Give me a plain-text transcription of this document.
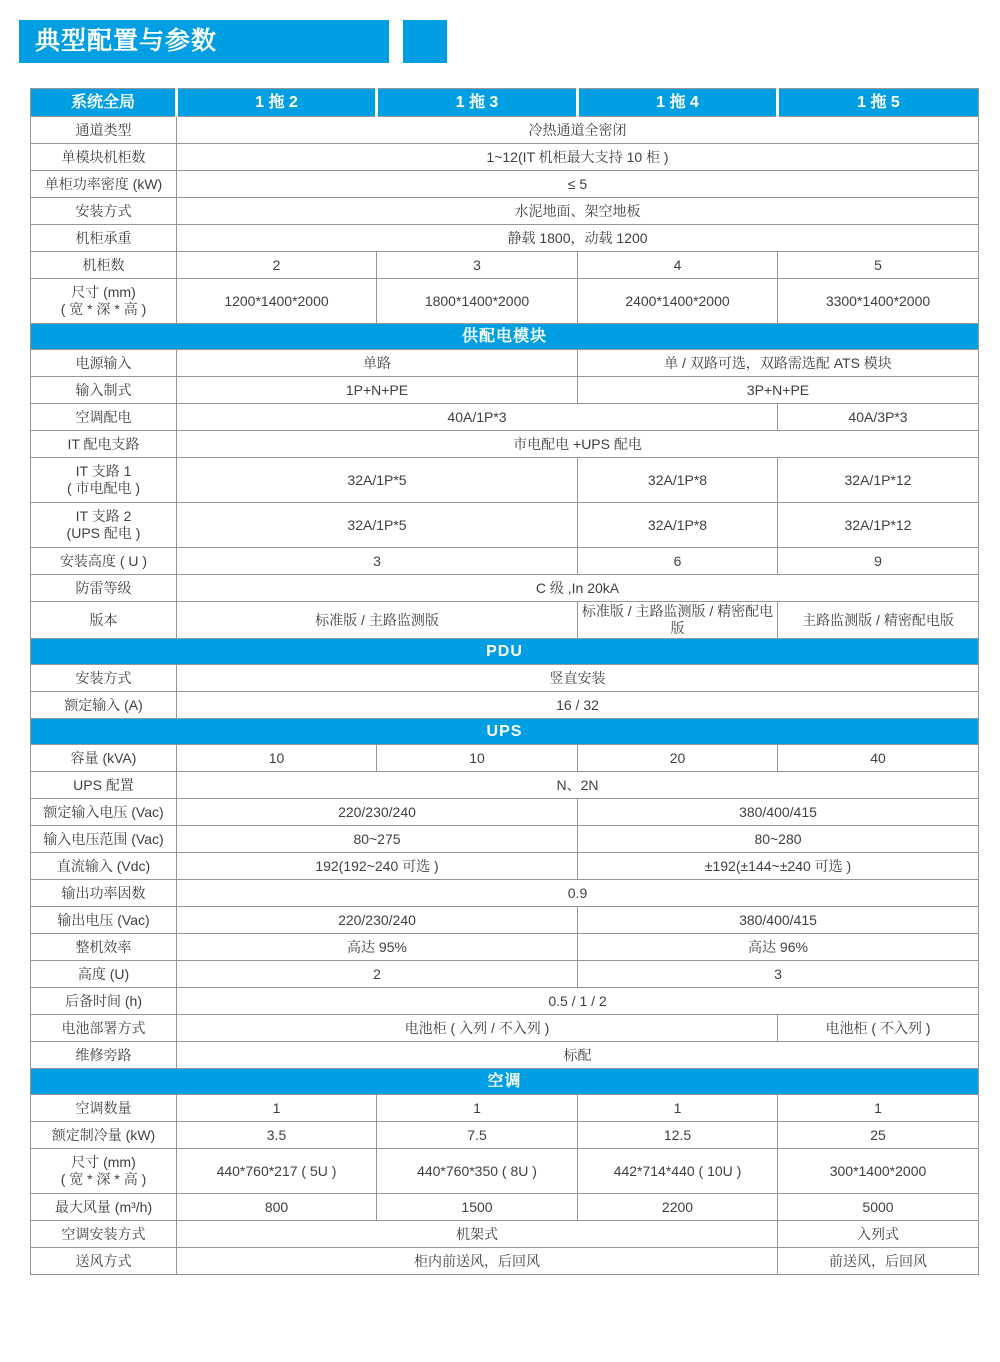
典型配置与参数
系统全局	1 拖 2	1 拖 3	1 拖 4	1 拖 5
通道类型	冷热通道全密闭			
单模块机柜数	1~12(IT 机柜最大支持 10 柜 )			
单柜功率密度 (kW)	≤ 5			
安装方式	水泥地面、架空地板			
机柜承重	静载 1800，动载 1200			
机柜数	2	3	4	5

尺寸 (mm)
( 宽 * 深 * 高 )	1200*1400*2000	1800*1400*2000	2400*1400*2000	3300*1400*2000
供配电模块				
电源输入	单路		单 / 双路可选，双路需选配 ATS 模块	
输入制式	1P+N+PE		3P+N+PE	
空调配电	40A/1P*3			40A/3P*3
IT 配电支路	市电配电 +UPS 配电			

IT 支路 1
( 市电配电 )	32A/1P*5		32A/1P*8	32A/1P*12

IT 支路 2
(UPS 配电 )	32A/1P*5		32A/1P*8	32A/1P*12
安装高度 ( U )	3		6	9
防雷等级	C 级 ,In 20kA			
版本	标准版 / 主路监测版		标准版 / 主路监测版 / 精密配电版	主路监测版 / 精密配电版
PDU				
安装方式	竖直安装			
额定输入 (A)	16 / 32			
UPS				
容量 (kVA)	10	10	20	40
UPS 配置	N、2N			
额定输入电压 (Vac)	220/230/240		380/400/415	
输入电压范围 (Vac)	80~275		80~280	
直流输入 (Vdc)	192(192~240 可选 )		±192(±144~±240 可选 )	
输出功率因数	0.9			
输出电压 (Vac)	220/230/240		380/400/415	
整机效率	高达 95%		高达 96%	
高度 (U)	2		3	
后备时间 (h)	0.5 / 1 / 2			
电池部署方式	电池柜 ( 入列 / 不入列 )			电池柜 ( 不入列 )
维修旁路	标配			
空调				
空调数量	1	1	1	1
额定制冷量 (kW)	3.5	7.5	12.5	25

尺寸 (mm)
( 宽 * 深 * 高 )	440*760*217 ( 5U )	440*760*350 ( 8U )	442*714*440 ( 10U )	300*1400*2000
最大风量 (m³/h)	800	1500	2200	5000
空调安装方式	机架式			入列式
送风方式	柜内前送风，后回风			前送风，后回风
